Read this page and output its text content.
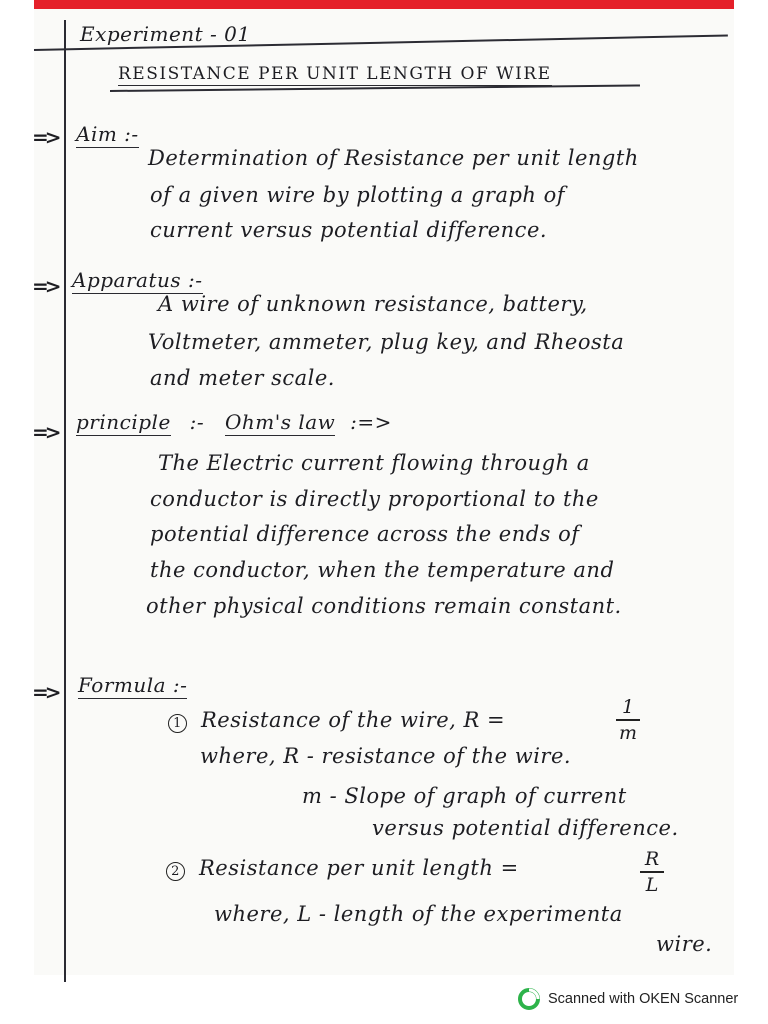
Experiment - 01
RESISTANCE PER UNIT LENGTH OF WIRE
=> Aim :-
Determination of Resistance per unit length
of a given wire by plotting a graph of
current versus potential difference.
=> Apparatus :-
A wire of unknown resistance, battery,
Voltmeter, ammeter, plug key, and Rheosta
and meter scale.
=> principle :- Ohm's law :=>
The Electric current flowing through a
conductor is directly proportional to the
potential difference across the ends of
the conductor, when the temperature and
other physical conditions remain constant.
=> Formula :-
1 Resistance of the wire, R =
1
m
where, R - resistance of the wire.
m - Slope of graph of current
versus potential difference.
2 Resistance per unit length =	R
L
where, L - length of the experimenta
wire.
Scanned with OKEN Scanner
